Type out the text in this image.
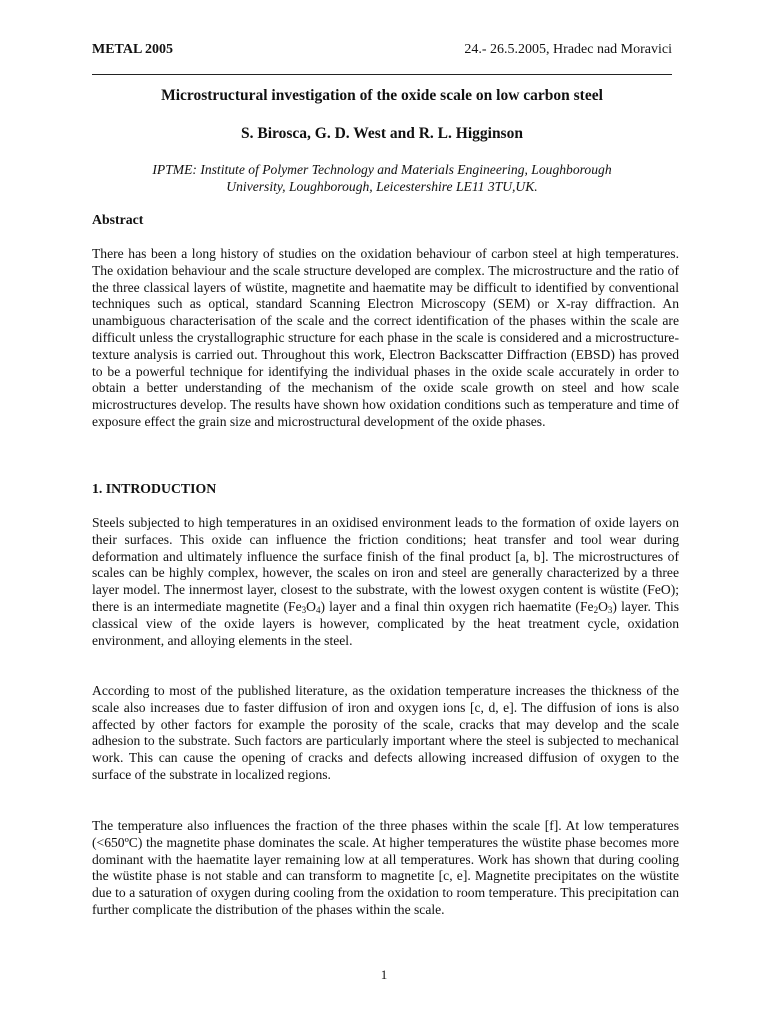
METAL 2005	24.- 26.5.2005, Hradec nad Moravici
Microstructural investigation of the oxide scale on low carbon steel
S. Birosca, G. D. West and R. L. Higginson
IPTME: Institute of Polymer Technology and Materials Engineering, Loughborough
University, Loughborough, Leicestershire LE11 3TU,UK.
Abstract

There has been a long history of studies on the oxidation behaviour of carbon steel at high temperatures. The oxidation behaviour and the scale structure developed are complex. The microstructure and the ratio of the three classical layers of wüstite, magnetite and haematite may be difficult to identified by conventional techniques such as optical, standard Scanning Electron Microscopy (SEM) or X-ray diffraction. An unambiguous characterisation of the scale and the correct identification of the phases within the scale are difficult unless the crystallographic structure for each phase in the scale is considered and a microstructure-texture analysis is carried out. Throughout this work, Electron Backscatter Diffraction (EBSD) has proved to be a powerful technique for identifying the individual phases in the oxide scale accurately in order to obtain a better understanding of the mechanism of the oxide scale growth on steel and how scale microstructures develop. The results have shown how oxidation conditions such as temperature and time of exposure effect the grain size and microstructural development of the oxide phases.

1. INTRODUCTION

Steels subjected to high temperatures in an oxidised environment leads to the formation of oxide layers on their surfaces. This oxide can influence the friction conditions; heat transfer and tool wear during deformation and ultimately influence the surface finish of the final product [a, b]. The microstructures of scales can be highly complex, however, the scales on iron and steel are generally characterized by a three layer model. The innermost layer, closest to the substrate, with the lowest oxygen content is wüstite (FeO); there is an intermediate magnetite $(Fe_3O_4)$ layer and a final thin oxygen rich haematite $(Fe_2O_3)$ layer. This classical view of the oxide layers is however, complicated by the heat treatment cycle, oxidation environment, and alloying elements in the steel.

According to most of the published literature, as the oxidation temperature increases the thickness of the scale also increases due to faster diffusion of iron and oxygen ions [c, d, e]. The diffusion of ions is also affected by other factors for example the porosity of the scale, cracks that may develop and the scale adhesion to the substrate. Such factors are particularly important where the steel is subjected to mechanical work. This can cause the opening of cracks and defects allowing increased diffusion of oxygen to the surface of the substrate in localized regions.

The temperature also influences the fraction of the three phases within the scale [f]. At low temperatures (<650ºC) the magnetite phase dominates the scale. At higher temperatures the wüstite phase becomes more dominant with the haematite layer remaining low at all temperatures. Work has shown that during cooling the wüstite phase is not stable and can transform to magnetite [c, e]. Magnetite precipitates on the wüstite due to a saturation of oxygen during cooling from the oxidation to room temperature. This precipitation can further complicate the distribution of the phases within the scale.

1
